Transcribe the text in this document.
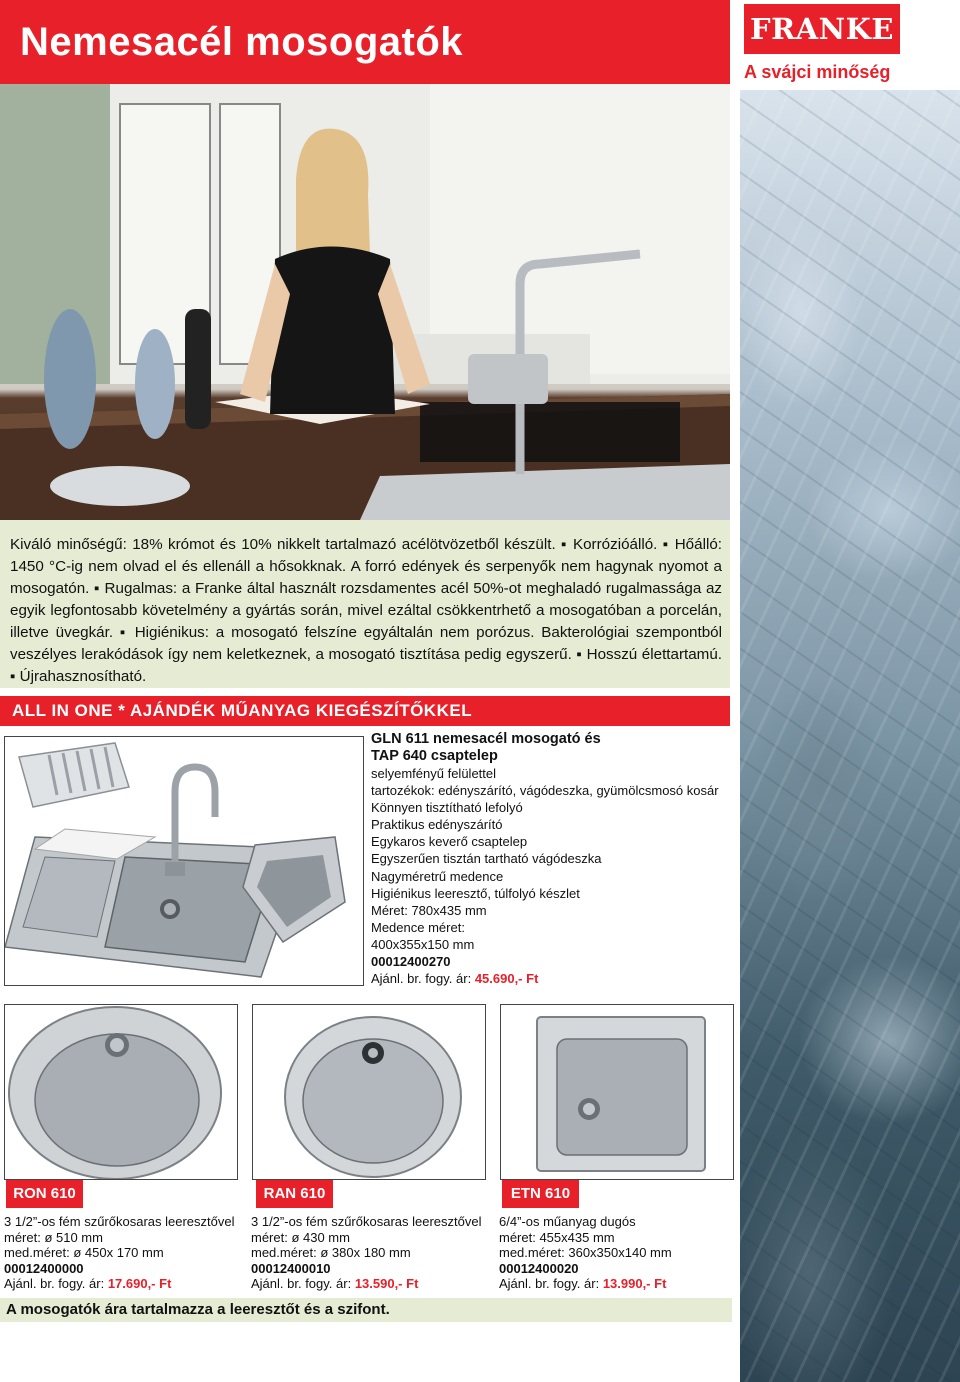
Nemesacél mosogatók	FRANKE
A svájci minőség

Kiváló minőségű: 18% krómot és 10% nikkelt tartalmazó acélötvözetből készült. ▪ Korrózióálló. ▪ Hőálló: 1450 °C-ig nem olvad el és ellenáll a hősokknak. A forró edények és serpenyők nem hagynak nyomot a mosogatón. ▪ Rugalmas: a Franke által használt rozsdamentes acél 50%-ot meghaladó rugalmassága az egyik legfontosabb követelmény a gyártás során, mivel ezáltal csökkentrhető a mosogatóban a porcelán, illetve üvegkár. ▪ Higiénikus: a mosogató felszíne egyáltalán nem porózus. Bakterológiai szempontból veszélyes lerakódások így nem keletkeznek, a mosogató tisztítása pedig egyszerű. ▪ Hosszú élettartamú. ▪ Újrahasznosítható.

ALL IN ONE * AJÁNDÉK MŰANYAG KIEGÉSZÍTŐKKEL
GLN 611 nemesacél mosogató és
TAP 640 csaptelep
selyemfényű felülettel
tartozékok: edényszárító, vágódeszka, gyümölcsmosó kosár
Könnyen tisztítható lefolyó
Praktikus edényszárító
Egykaros keverő csaptelep
Egyszerűen tisztán tartható vágódeszka
Nagyméretrű medence
Higiénikus leeresztő, túlfolyó készlet
Méret: 780x435 mm
Medence méret:
400x355x150 mm
00012400270
Ajánl. br. fogy. ár: 45.690,- Ft
RON 610
3 1/2”-os fém szűrőkosaras leeresztővel
méret: ø 510 mm
med.méret: ø 450x 170 mm
00012400000
Ajánl. br. fogy. ár: 17.690,- Ft
RAN 610
3 1/2”-os fém szűrőkosaras leeresztővel
méret: ø 430 mm
med.méret: ø 380x 180 mm
00012400010
Ajánl. br. fogy. ár: 13.590,- Ft
ETN 610
6/4”-os műanyag dugós
méret: 455x435 mm
med.méret: 360x350x140 mm
00012400020
Ajánl. br. fogy. ár: 13.990,- Ft
A mosogatók ára tartalmazza a leeresztőt és a szifont.
